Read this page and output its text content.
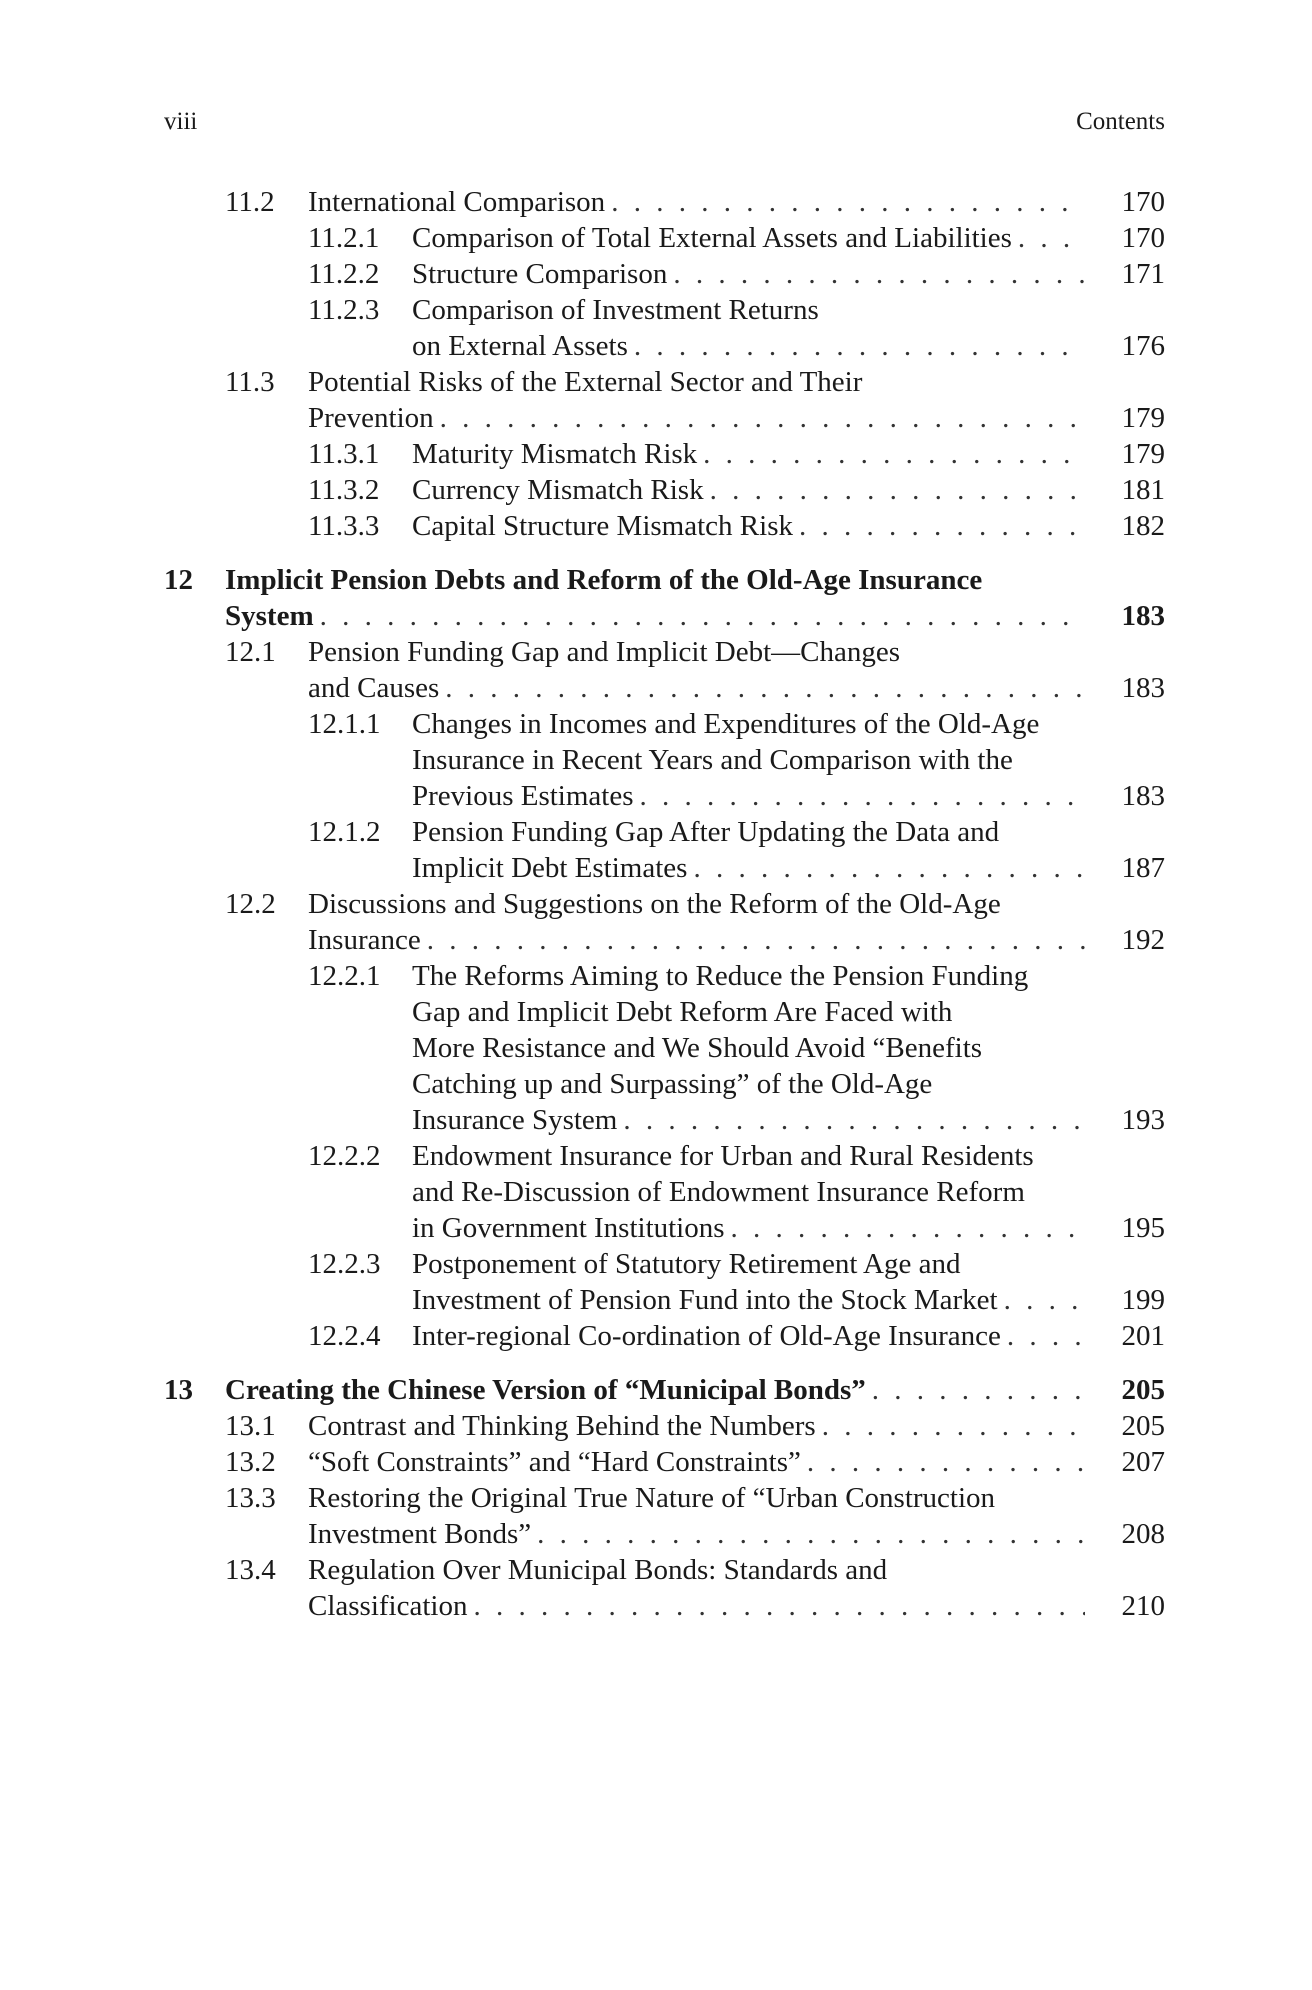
viii	Contents
11.2 International Comparison . . .	170
11.2.1 Comparison of Total External Assets and Liabilities . . .	170
11.2.2 Structure Comparison . . .	171
11.2.3 Comparison of Investment Returns
on External Assets . . .	176
11.3 Potential Risks of the External Sector and Their
Prevention . . .	179
11.3.1 Maturity Mismatch Risk . . .	179
11.3.2 Currency Mismatch Risk . . .	181
11.3.3 Capital Structure Mismatch Risk . . .	182
12 Implicit Pension Debts and Reform of the Old-Age Insurance
System . . .	183
12.1 Pension Funding Gap and Implicit Debt—Changes
and Causes . . .	183
12.1.1 Changes in Incomes and Expenditures of the Old-Age
Insurance in Recent Years and Comparison with the
Previous Estimates . . .	183
12.1.2 Pension Funding Gap After Updating the Data and
Implicit Debt Estimates . . .	187
12.2 Discussions and Suggestions on the Reform of the Old-Age
Insurance . . .	192
12.2.1 The Reforms Aiming to Reduce the Pension Funding
Gap and Implicit Debt Reform Are Faced with
More Resistance and We Should Avoid “Benefits
Catching up and Surpassing” of the Old-Age
Insurance System . . .	193
12.2.2 Endowment Insurance for Urban and Rural Residents
and Re-Discussion of Endowment Insurance Reform
in Government Institutions . . .	195
12.2.3 Postponement of Statutory Retirement Age and
Investment of Pension Fund into the Stock Market . . .	199
12.2.4 Inter-regional Co-ordination of Old-Age Insurance . . .	201
13 Creating the Chinese Version of “Municipal Bonds” . . .	205
13.1 Contrast and Thinking Behind the Numbers . . .	205
13.2 “Soft Constraints” and “Hard Constraints” . . .	207
13.3 Restoring the Original True Nature of “Urban Construction
Investment Bonds” . . .	208
13.4 Regulation Over Municipal Bonds: Standards and
Classification . . .	210
